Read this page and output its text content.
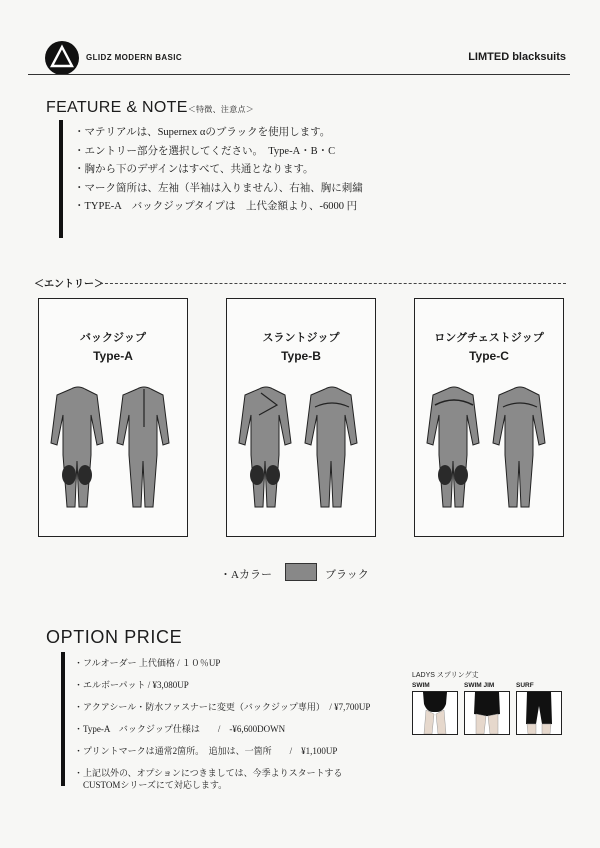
GLIDZ MODERN BASIC	LIMTED blacksuits
FEATURE & NOTE＜特徴、注意点＞
・マテリアルは、Supernex αのブラックを使用します。
・エントリー部分を選択してください。　Type-A・B・C
・胸から下のデザインはすべて、共通となります。
・マーク箇所は、左袖（半袖は入りません）、右袖、胸に刺繍
・TYPE-A　バックジップタイプは　上代金額より、-6000 円
＜エントリー＞
バックジップ
Type-A
スラントジップ
Type-B
ロングチェストジップ
Type-C
・Aカラー	ブラック
OPTION PRICE
・フルオーダー 上代価格 / １０％UP
・エルボーパット / ¥3,080UP
・アクアシール・防水ファスナーに変更（バックジップ専用）　/ ¥7,700UP
・Type-A　バックジップ仕様は　　/　-¥6,600DOWN
・プリントマークは通常2箇所。　追加は、一箇所　　/　¥1,100UP
・上記以外の、オプションにつきましては、今季よりスタートする
　CUSTOMシリーズにて対応します。
LADYS スプリング丈
SWIM	SWIM JIM	SURF
